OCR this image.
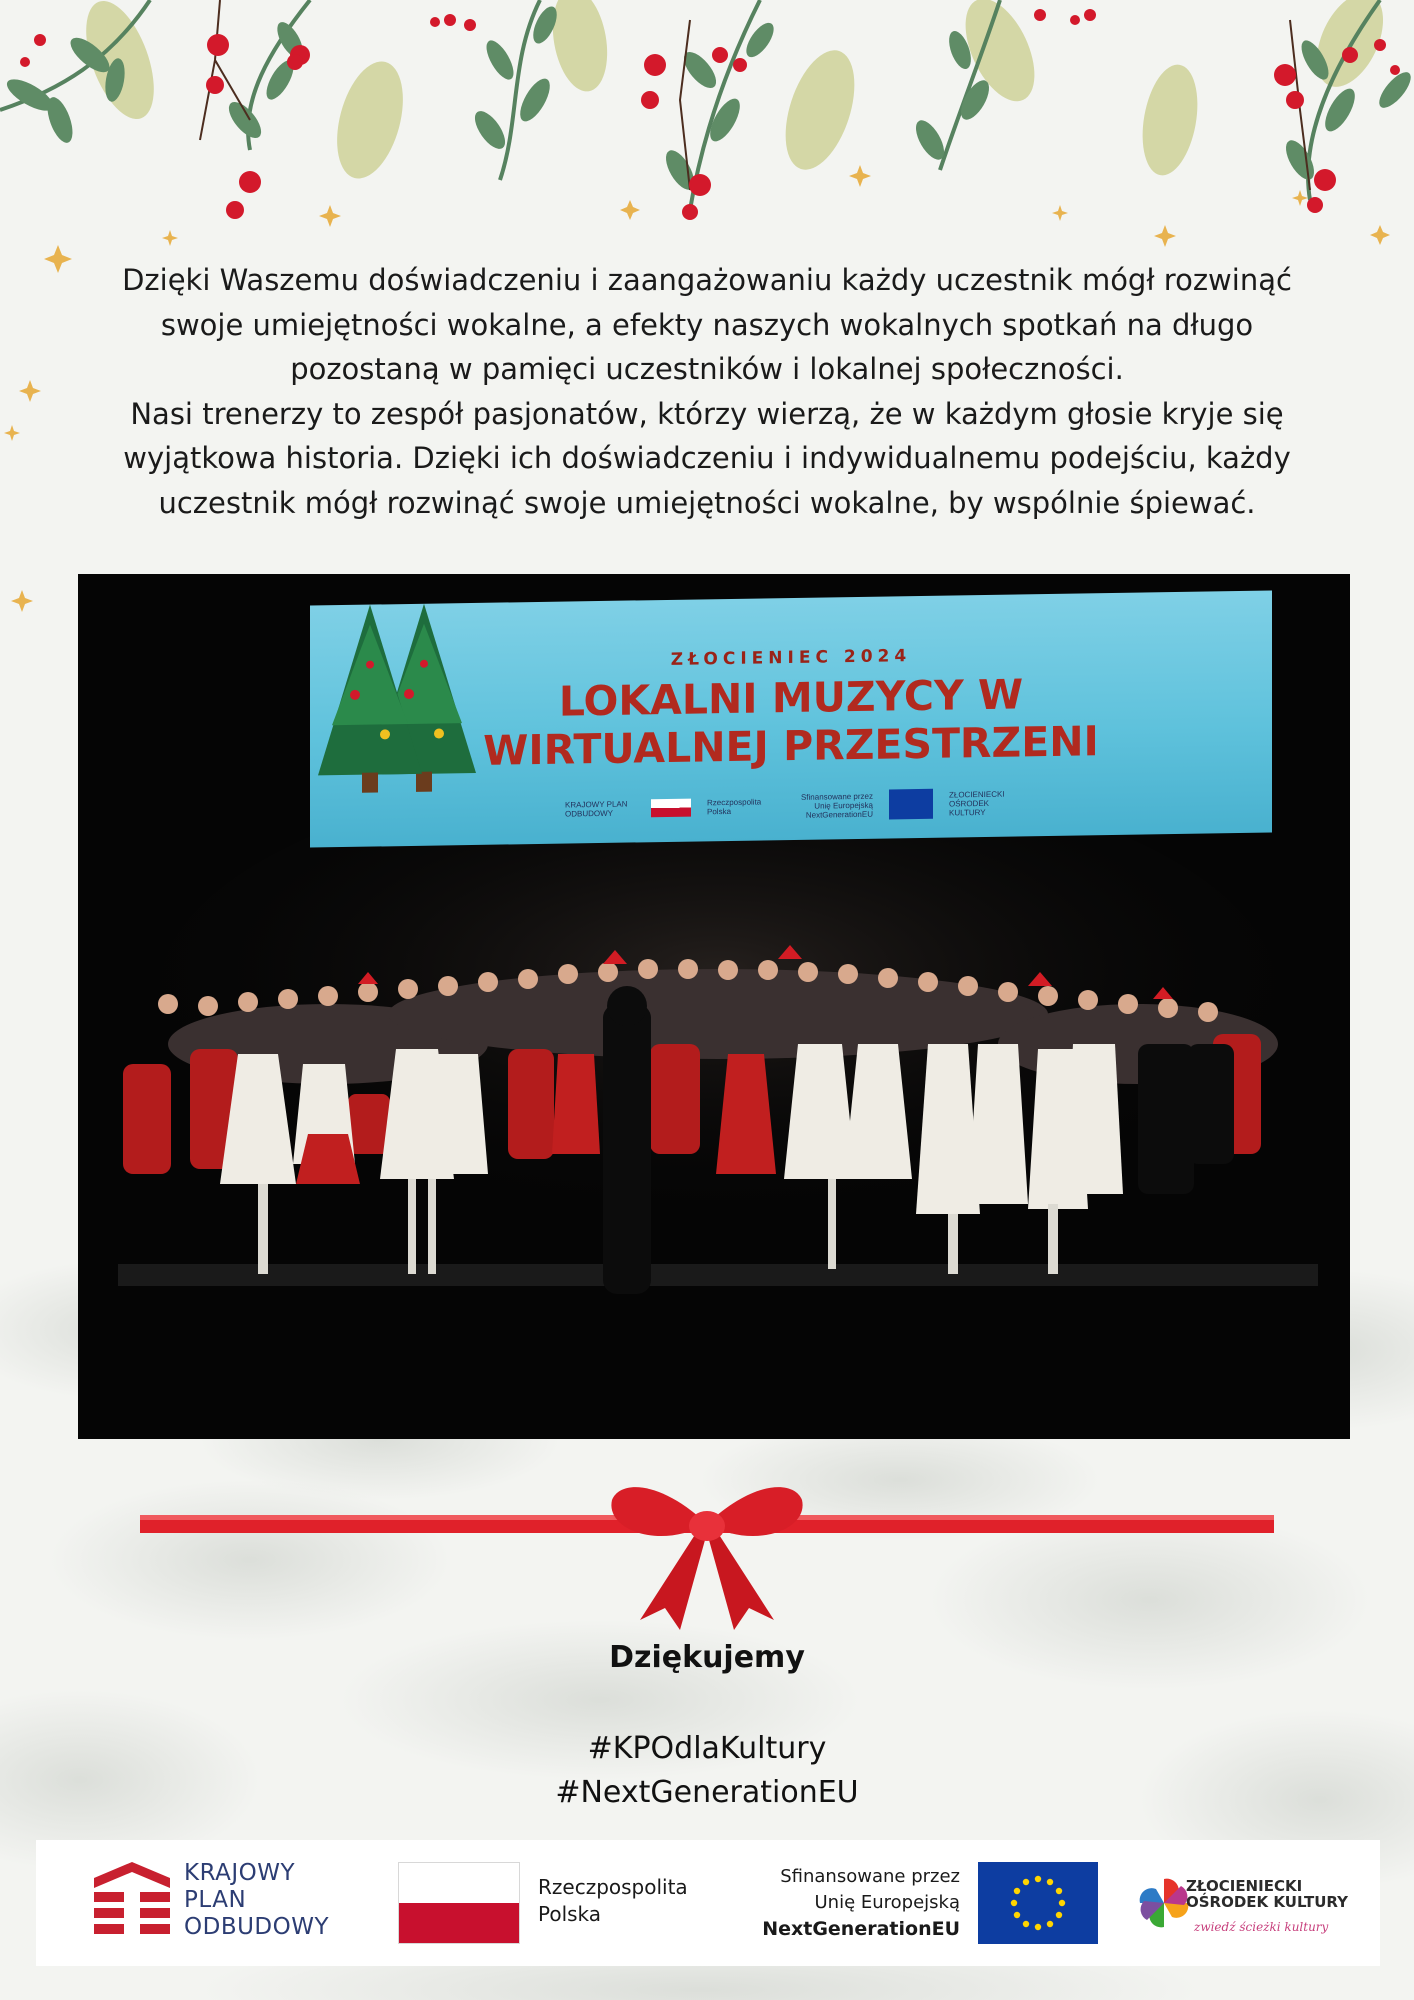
Dzięki Waszemu doświadczeniu i zaangażowaniu każdy uczestnik mógł rozwinąć swoje umiejętności wokalne, a efekty naszych wokalnych spotkań na długo pozostaną w pamięci uczestników i lokalnej społeczności.

Nasi trenerzy to zespół pasjonatów, którzy wierzą, że w każdym głosie kryje się wyjątkowa historia. Dzięki ich doświadczeniu i indywidualnemu podejściu, każdy uczestnik mógł rozwinąć swoje umiejętności wokalne, by wspólnie śpiewać.

ZŁOCIENIEC 2024
LOKALNI MUZYCY W WIRTUALNEJ PRZESTRZENI
KRAJOWY PLAN ODBUDOWY
Rzeczpospolita Polska
Sfinansowane przez Unię Europejską NextGenerationEU
ZŁOCIENIECKI OŚRODEK KULTURY
Dziękujemy
#KPOdlaKultury
#NextGenerationEU
KRAJOWY
PLAN
ODBUDOWY
Rzeczpospolita
Polska
Sfinansowane przez
Unię Europejską
NextGenerationEU
ZŁOCIENIECKI
OŚRODEK KULTURY
zwiedź ścieżki kultury
